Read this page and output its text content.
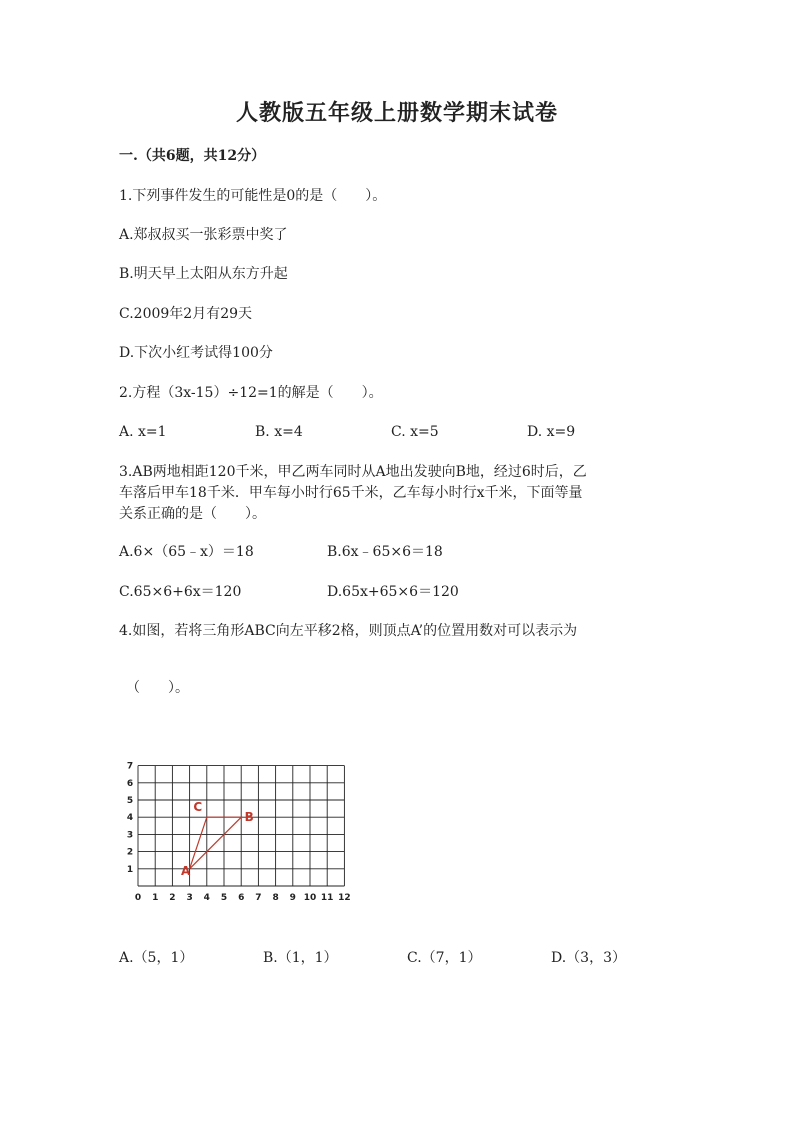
人教版五年级上册数学期末试卷
一.（共6题，共12分）
1.下列事件发生的可能性是0的是（　　）。
A.郑叔叔买一张彩票中奖了
B.明天早上太阳从东方升起
C.2009年2月有29天
D.下次小红考试得100分
2.方程（3x-15）÷12=1的解是（　　）。
A. x=1	B. x=4	C. x=5	D. x=9
3.AB两地相距120千米，甲乙两车同时从A地出发驶向B地，经过6时后，乙
车落后甲车18千米．甲车每小时行65千米，乙车每小时行x千米，下面等量
关系正确的是（　　）。
A.6×（65﹣x）＝18	B.6x﹣65×6＝18
C.65×6+6x＝120	D.65x+65×6＝120
4.如图，若将三角形ABC向左平移2格，则顶点A’的位置用数对可以表示为
（　　）。
0 1 2 3 4 5 6 7 8 9 10 11 12
1
2
3
4
5
6
7
A
B
C
A.（5，1）	B.（1，1）	C.（7，1）	D.（3，3）
